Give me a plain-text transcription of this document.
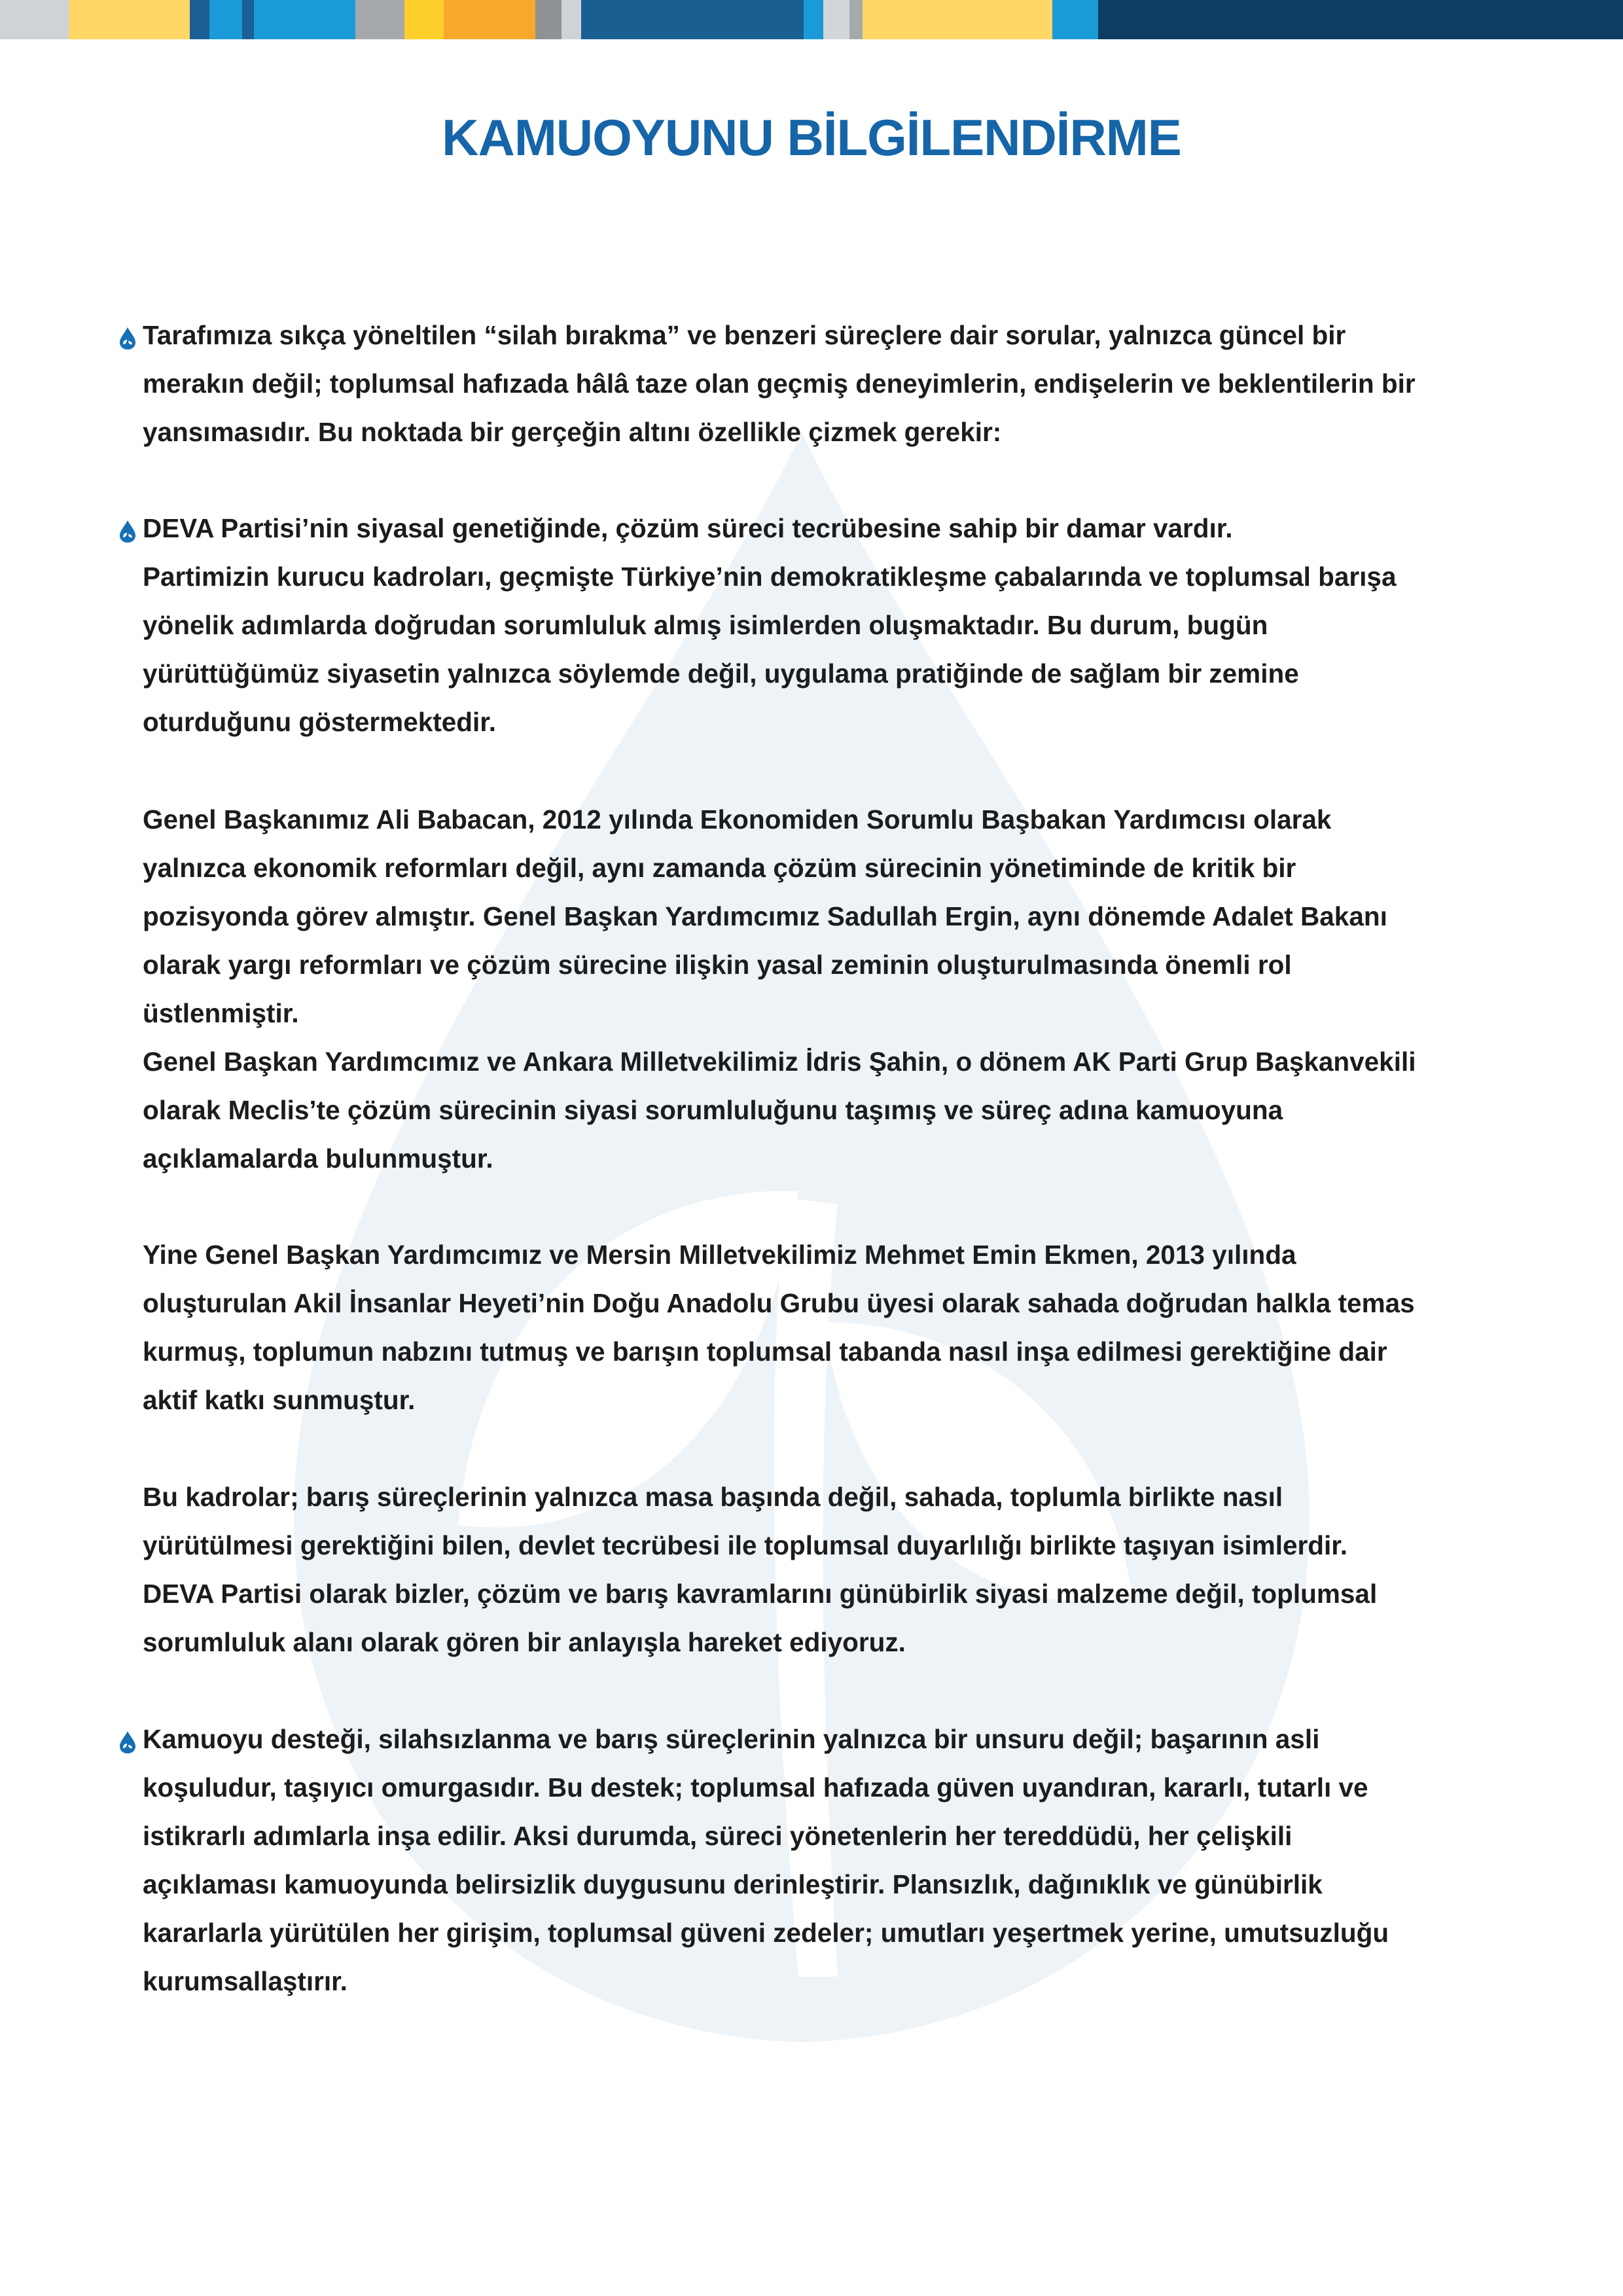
KAMUOYUNU BİLGİLENDİRME
Tarafımıza sıkça yöneltilen “silah bırakma” ve benzeri süreçlere dair sorular, yalnızca güncel bir
merakın değil; toplumsal hafızada hâlâ taze olan geçmiş deneyimlerin, endişelerin ve beklentilerin bir
yansımasıdır. Bu noktada bir gerçeğin altını özellikle çizmek gerekir:
DEVA Partisi’nin siyasal genetiğinde, çözüm süreci tecrübesine sahip bir damar vardır.
Partimizin kurucu kadroları, geçmişte Türkiye’nin demokratikleşme çabalarında ve toplumsal barışa
yönelik adımlarda doğrudan sorumluluk almış isimlerden oluşmaktadır. Bu durum, bugün
yürüttüğümüz siyasetin yalnızca söylemde değil, uygulama pratiğinde de sağlam bir zemine
oturduğunu göstermektedir.
Genel Başkanımız Ali Babacan, 2012 yılında Ekonomiden Sorumlu Başbakan Yardımcısı olarak
yalnızca ekonomik reformları değil, aynı zamanda çözüm sürecinin yönetiminde de kritik bir
pozisyonda görev almıştır. Genel Başkan Yardımcımız Sadullah Ergin, aynı dönemde Adalet Bakanı
olarak yargı reformları ve çözüm sürecine ilişkin yasal zeminin oluşturulmasında önemli rol
üstlenmiştir.
Genel Başkan Yardımcımız ve Ankara Milletvekilimiz İdris Şahin, o dönem AK Parti Grup Başkanvekili
olarak Meclis’te çözüm sürecinin siyasi sorumluluğunu taşımış ve süreç adına kamuoyuna
açıklamalarda bulunmuştur.
Yine Genel Başkan Yardımcımız ve Mersin Milletvekilimiz Mehmet Emin Ekmen, 2013 yılında
oluşturulan Akil İnsanlar Heyeti’nin Doğu Anadolu Grubu üyesi olarak sahada doğrudan halkla temas
kurmuş, toplumun nabzını tutmuş ve barışın toplumsal tabanda nasıl inşa edilmesi gerektiğine dair
aktif katkı sunmuştur.
Bu kadrolar; barış süreçlerinin yalnızca masa başında değil, sahada, toplumla birlikte nasıl
yürütülmesi gerektiğini bilen, devlet tecrübesi ile toplumsal duyarlılığı birlikte taşıyan isimlerdir.
DEVA Partisi olarak bizler, çözüm ve barış kavramlarını günübirlik siyasi malzeme değil, toplumsal
sorumluluk alanı olarak gören bir anlayışla hareket ediyoruz.
Kamuoyu desteği, silahsızlanma ve barış süreçlerinin yalnızca bir unsuru değil; başarının asli
koşuludur, taşıyıcı omurgasıdır. Bu destek; toplumsal hafızada güven uyandıran, kararlı, tutarlı ve
istikrarlı adımlarla inşa edilir. Aksi durumda, süreci yönetenlerin her tereddüdü, her çelişkili
açıklaması kamuoyunda belirsizlik duygusunu derinleştirir. Plansızlık, dağınıklık ve günübirlik
kararlarla yürütülen her girişim, toplumsal güveni zedeler; umutları yeşertmek yerine, umutsuzluğu
kurumsallaştırır.
